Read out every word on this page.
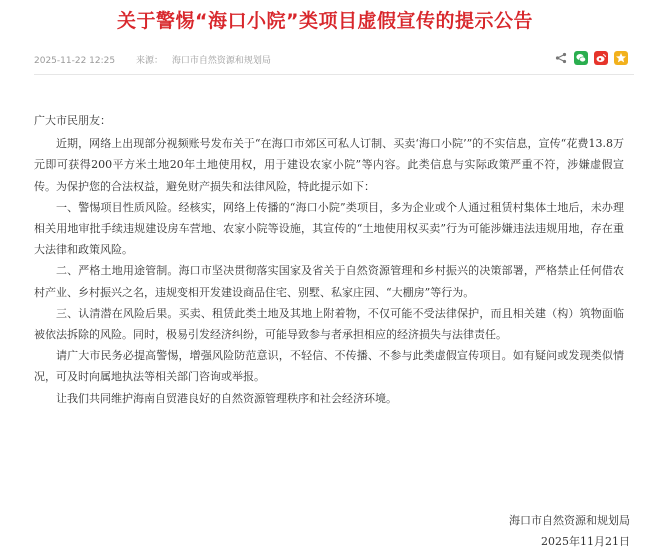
关于警惕“海口小院”类项目虚假宣传的提示公告
2025-11-22 12:25 来源： 海口市自然资源和规划局

广大市民朋友：

近期，网络上出现部分视频账号发布关于“在海口市郊区可私人订制、买卖‘海口小院’”的不实信息，宣传“花费13.8万元即可获得200平方米土地20年土地使用权，用于建设农家小院”等内容。此类信息与实际政策严重不符，涉嫌虚假宣传。为保护您的合法权益，避免财产损失和法律风险，特此提示如下：

一、警惕项目性质风险。经核实，网络上传播的“海口小院”类项目，多为企业或个人通过租赁村集体土地后，未办理相关用地审批手续违规建设房车营地、农家小院等设施，其宣传的“土地使用权买卖”行为可能涉嫌违法违规用地，存在重大法律和政策风险。

二、严格土地用途管制。海口市坚决贯彻落实国家及省关于自然资源管理和乡村振兴的决策部署，严格禁止任何借农村产业、乡村振兴之名，违规变相开发建设商品住宅、别墅、私家庄园、“大棚房”等行为。

三、认清潜在风险后果。买卖、租赁此类土地及其地上附着物，不仅可能不受法律保护，而且相关建（构）筑物面临被依法拆除的风险。同时，极易引发经济纠纷，可能导致参与者承担相应的经济损失与法律责任。

请广大市民务必提高警惕，增强风险防范意识，不轻信、不传播、不参与此类虚假宣传项目。如有疑问或发现类似情况，可及时向属地执法等相关部门咨询或举报。

让我们共同维护海南自贸港良好的自然资源管理秩序和社会经济环境。

海口市自然资源和规划局
2025年11月21日
